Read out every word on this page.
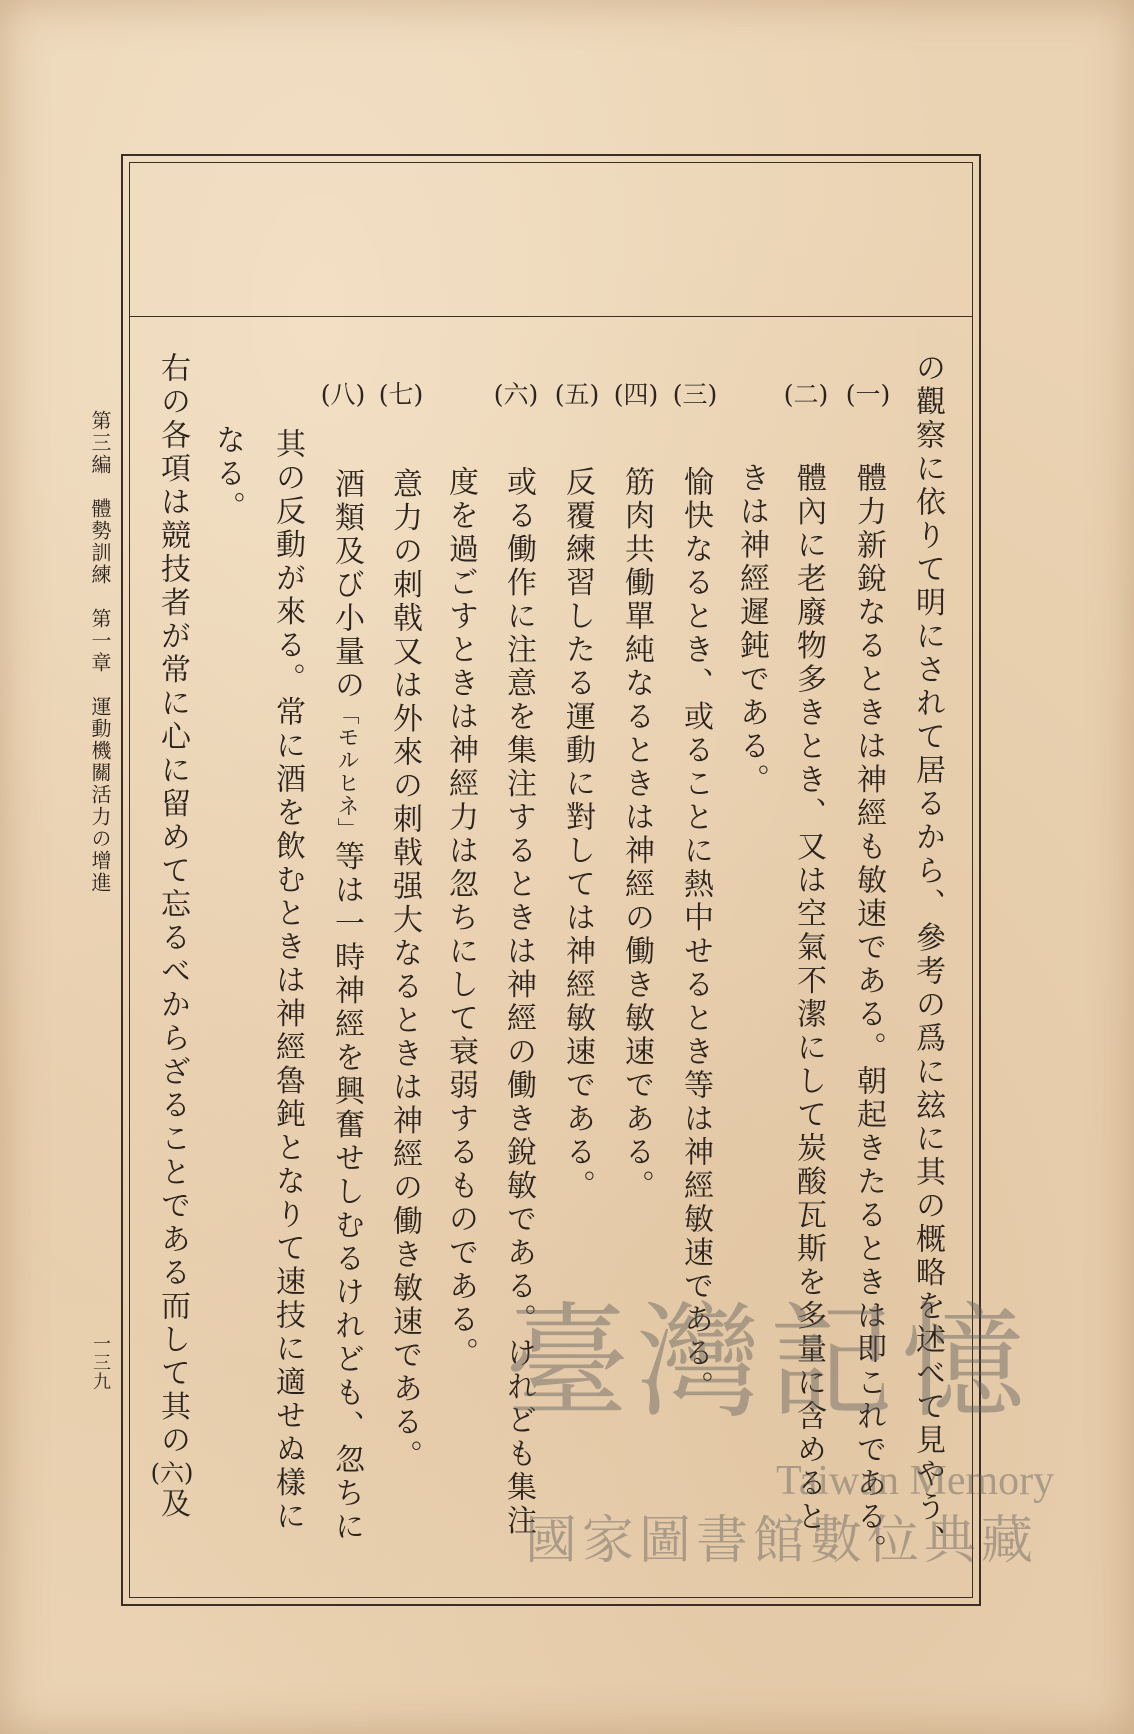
第三編　體勢訓練　第一章　運動機關活力の增進
一三九	の觀察に依りて明にされて居るから、參考の爲に玆に其の概略を述べて見やう、
(一)
體力新銳なるときは神經も敏速である。朝起きたるときは即これである。
(二)
體內に老廢物多きとき、又は空氣不潔にして炭酸瓦斯を多量に含めると
きは神經遲鈍である。
(三)
愉快なるとき、或ることに熱中せるとき等は神經敏速である。
(四)
筋肉共働單純なるときは神經の働き敏速である。
(五)
反覆練習したる運動に對しては神經敏速である。
(六)
或る働作に注意を集注するときは神經の働き銳敏である。けれども集注
度を過ごすときは神經力は忽ちにして衰弱するものである。
(七)
意力の刺戟又は外來の刺戟强大なるときは神經の働き敏速である。
(八)
酒類及び小量の「モルヒネ」等は一時神經を興奮せしむるけれども、忽ちに
其の反動が來る。常に酒を飲むときは神經魯鈍となりて速技に適せぬ樣に
なる。
右の各項は競技者が常に心に留めて忘るべからざることである而して其の(六)及
臺灣記憶
Taiwan Memory
國家圖書館數位典藏
